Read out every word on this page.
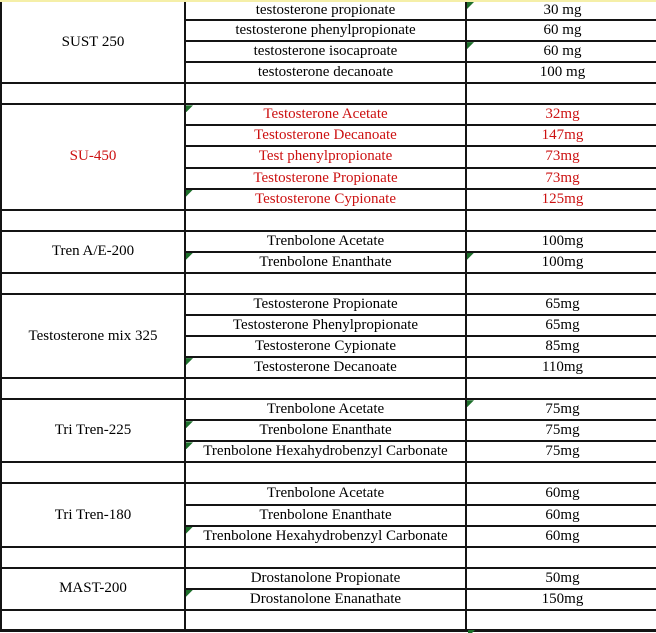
SUST 250
testosterone propionate	30 mg
testosterone phenylpropionate	60 mg
testosterone isocaproate	60 mg
testosterone decanoate	100 mg
SU-450
Testosterone Acetate	32mg
Testosterone Decanoate	147mg
Test phenylpropionate	73mg
Testosterone Propionate	73mg
Testosterone Cypionate	125mg
Tren A/E-200
Trenbolone Acetate	100mg
Trenbolone Enanthate	100mg
Testosterone mix 325
Testosterone Propionate	65mg
Testosterone Phenylpropionate	65mg
Testosterone Cypionate	85mg
Testosterone Decanoate	110mg
Tri Tren-225
Trenbolone Acetate	75mg
Trenbolone Enanthate	75mg
Trenbolone Hexahydrobenzyl Carbonate	75mg
Tri Tren-180
Trenbolone Acetate	60mg
Trenbolone Enanthate	60mg
Trenbolone Hexahydrobenzyl Carbonate	60mg
MAST-200
Drostanolone Propionate	50mg
Drostanolone Enanathate	150mg
